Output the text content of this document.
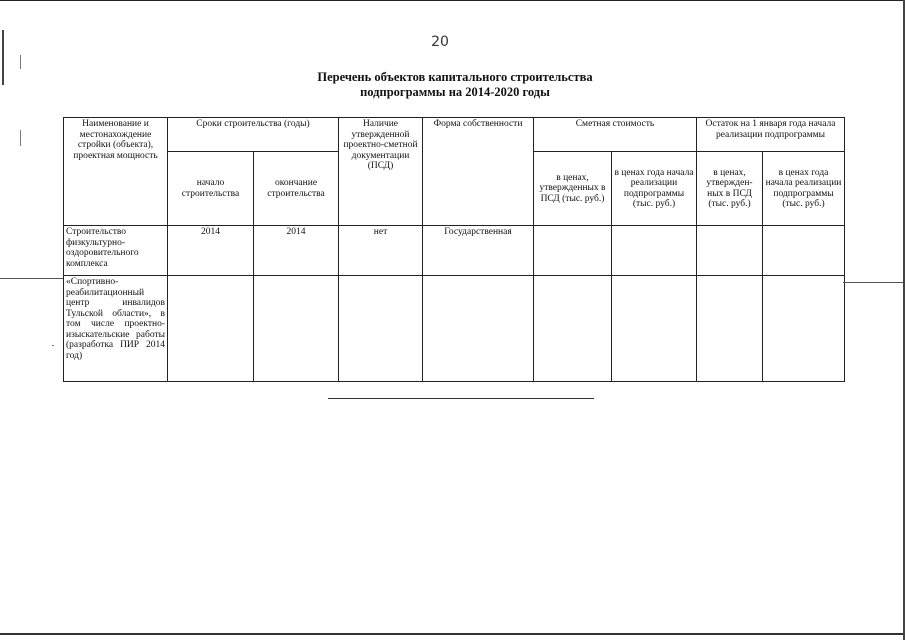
20
Перечень объектов капитального строительства
подпрограммы на 2014-2020 годы
Наименование и местонахождение стройки (объекта), проектная мощность	Сроки строительства (годы)		Наличие утвержденной проектно-сметной документации (ПСД)	Форма собственности	Сметная стоимость		Остаток на 1 января года начала реализации подпрограммы	
	начало строительства	окончание строительства			в ценах, утвержденных в ПСД (тыс. руб.)	в ценах года начала реализации подпрограммы (тыс. руб.)	в ценах, утвержден-ных в ПСД (тыс. руб.)	в ценах года начала реализации подпрограммы (тыс. руб.)
Строительство физкультурно-оздоровительного комплекса	2014	2014	нет	Государственная				
«Спортивно-реабилитационный центр инвалидов Тульской области», в том числе проектно-изыскательские работы (разработка ПИР 2014 год)								
